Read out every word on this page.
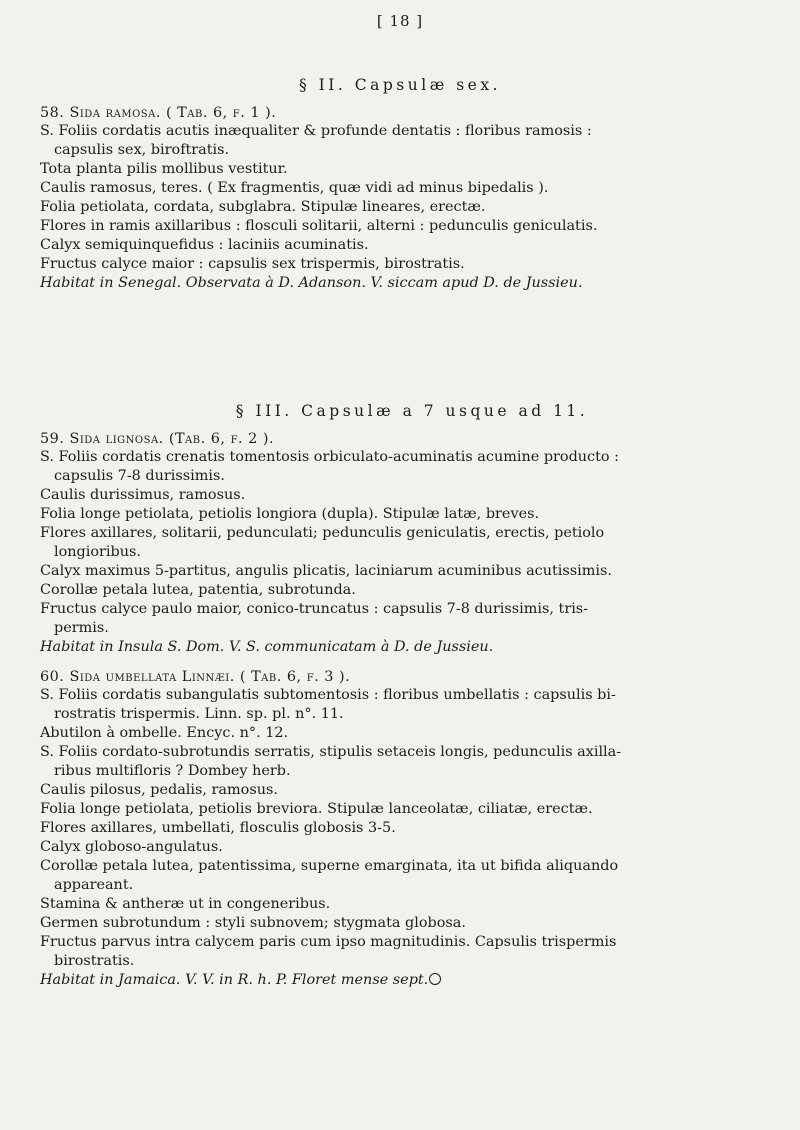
[ 18 ]
§ II. Capsulæ sex.
58. Sida ramosa. ( Tab. 6, f. 1 ).
S. Foliis cordatis acutis inæqualiter & profunde dentatis : floribus ramosis :
capsulis sex, biroftratis.
Tota planta pilis mollibus vestitur.
Caulis ramosus, teres. ( Ex fragmentis, quæ vidi ad minus bipedalis ).
Folia petiolata, cordata, subglabra. Stipulæ lineares, erectæ.
Flores in ramis axillaribus : flosculi solitarii, alterni : pedunculis geniculatis.
Calyx semiquinquefidus : laciniis acuminatis.
Fructus calyce maior : capsulis sex trispermis, birostratis.
Habitat in Senegal. Observata à D. Adanson. V. siccam apud D. de Jussieu.
§ III. Capsulæ a 7 usque ad 11.
59. Sida lignosa. (Tab. 6, f. 2 ).
S. Foliis cordatis crenatis tomentosis orbiculato-acuminatis acumine producto :
capsulis 7-8 durissimis.
Caulis durissimus, ramosus.
Folia longe petiolata, petiolis longiora (dupla). Stipulæ latæ, breves.
Flores axillares, solitarii, pedunculati; pedunculis geniculatis, erectis, petiolo
longioribus.
Calyx maximus 5-partitus, angulis plicatis, laciniarum acuminibus acutissimis.
Corollæ petala lutea, patentia, subrotunda.
Fructus calyce paulo maior, conico-truncatus : capsulis 7-8 durissimis, tris-
permis.
Habitat in Insula S. Dom. V. S. communicatam à D. de Jussieu.
60. Sida umbellata Linnæi. ( Tab. 6, f. 3 ).
S. Foliis cordatis subangulatis subtomentosis : floribus umbellatis : capsulis bi-
rostratis trispermis. Linn. sp. pl. n°. 11.
Abutilon à ombelle. Encyc. n°. 12.
S. Foliis cordato-subrotundis serratis, stipulis setaceis longis, pedunculis axilla-
ribus multifloris ? Dombey herb.
Caulis pilosus, pedalis, ramosus.
Folia longe petiolata, petiolis breviora. Stipulæ lanceolatæ, ciliatæ, erectæ.
Flores axillares, umbellati, flosculis globosis 3-5.
Calyx globoso-angulatus.
Corollæ petala lutea, patentissima, superne emarginata, ita ut bifida aliquando
appareant.
Stamina & antheræ ut in congeneribus.
Germen subrotundum : styli subnovem; stygmata globosa.
Fructus parvus intra calycem paris cum ipso magnitudinis. Capsulis trispermis
birostratis.
Habitat in Jamaica. V. V. in R. h. P. Floret mense sept.
